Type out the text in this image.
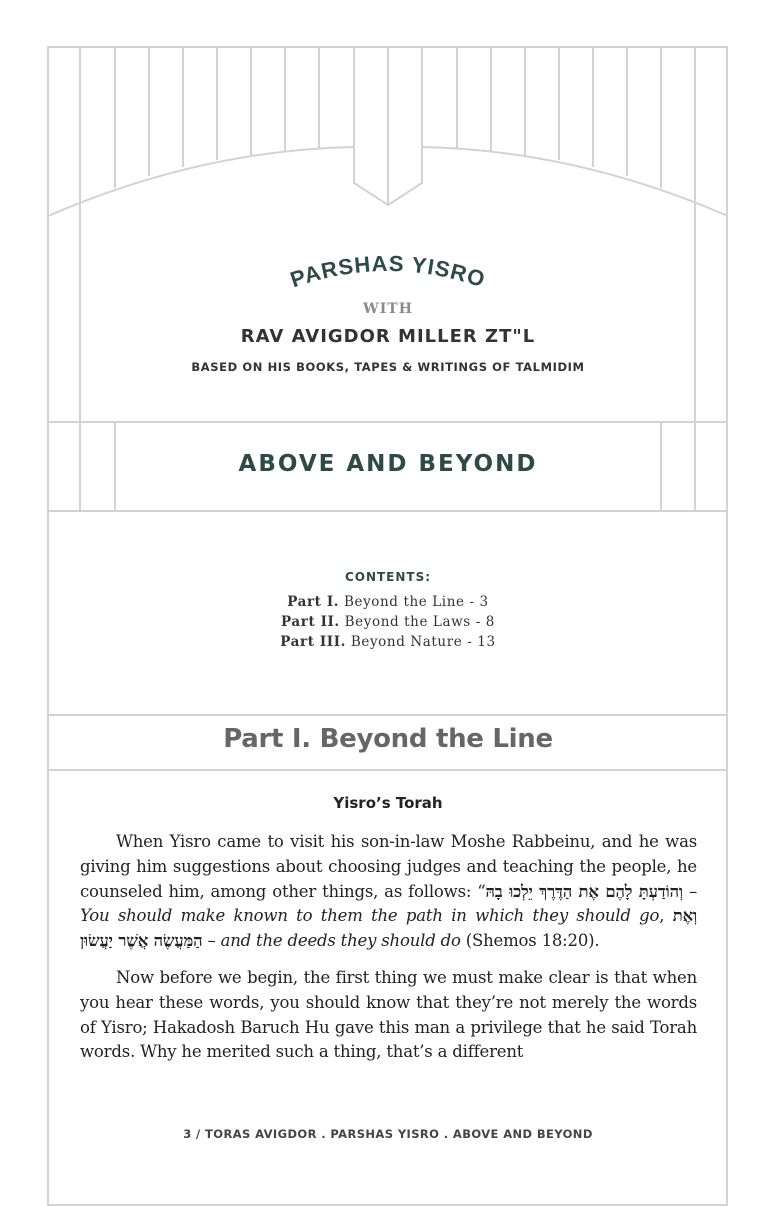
PARSHAS YISRO
WITH
RAV AVIGDOR MILLER ZT"L
BASED ON HIS BOOKS, TAPES & WRITINGS OF TALMIDIM
ABOVE AND BEYOND
CONTENTS:
Part I. Beyond the Line - 3
Part II. Beyond the Laws - 8
Part III. Beyond Nature - 13
Part I. Beyond the Line
Yisro’s Torah

When Yisro came to visit his son-in-law Moshe Rabbeinu, and he was giving him suggestions about choosing judges and teaching the people, he counseled him, among other things, as follows: “וְהוֹדַעְתָּ לָהֶם אֶת הַדֶּרֶךְ יֵלְכוּ בָהּ – You should make known to them the path in which they should go, וְאֶת הַמַּעֲשֶׂה אֲשֶׁר יַעֲשׂוּן – and the deeds they should do (Shemos 18:20).

Now before we begin, the first thing we must make clear is that when you hear these words, you should know that they’re not merely the words of Yisro; Hakadosh Baruch Hu gave this man a privilege that he said Torah words. Why he merited such a thing, that’s a different

3 / TORAS AVIGDOR . PARSHAS YISRO . ABOVE AND BEYOND
